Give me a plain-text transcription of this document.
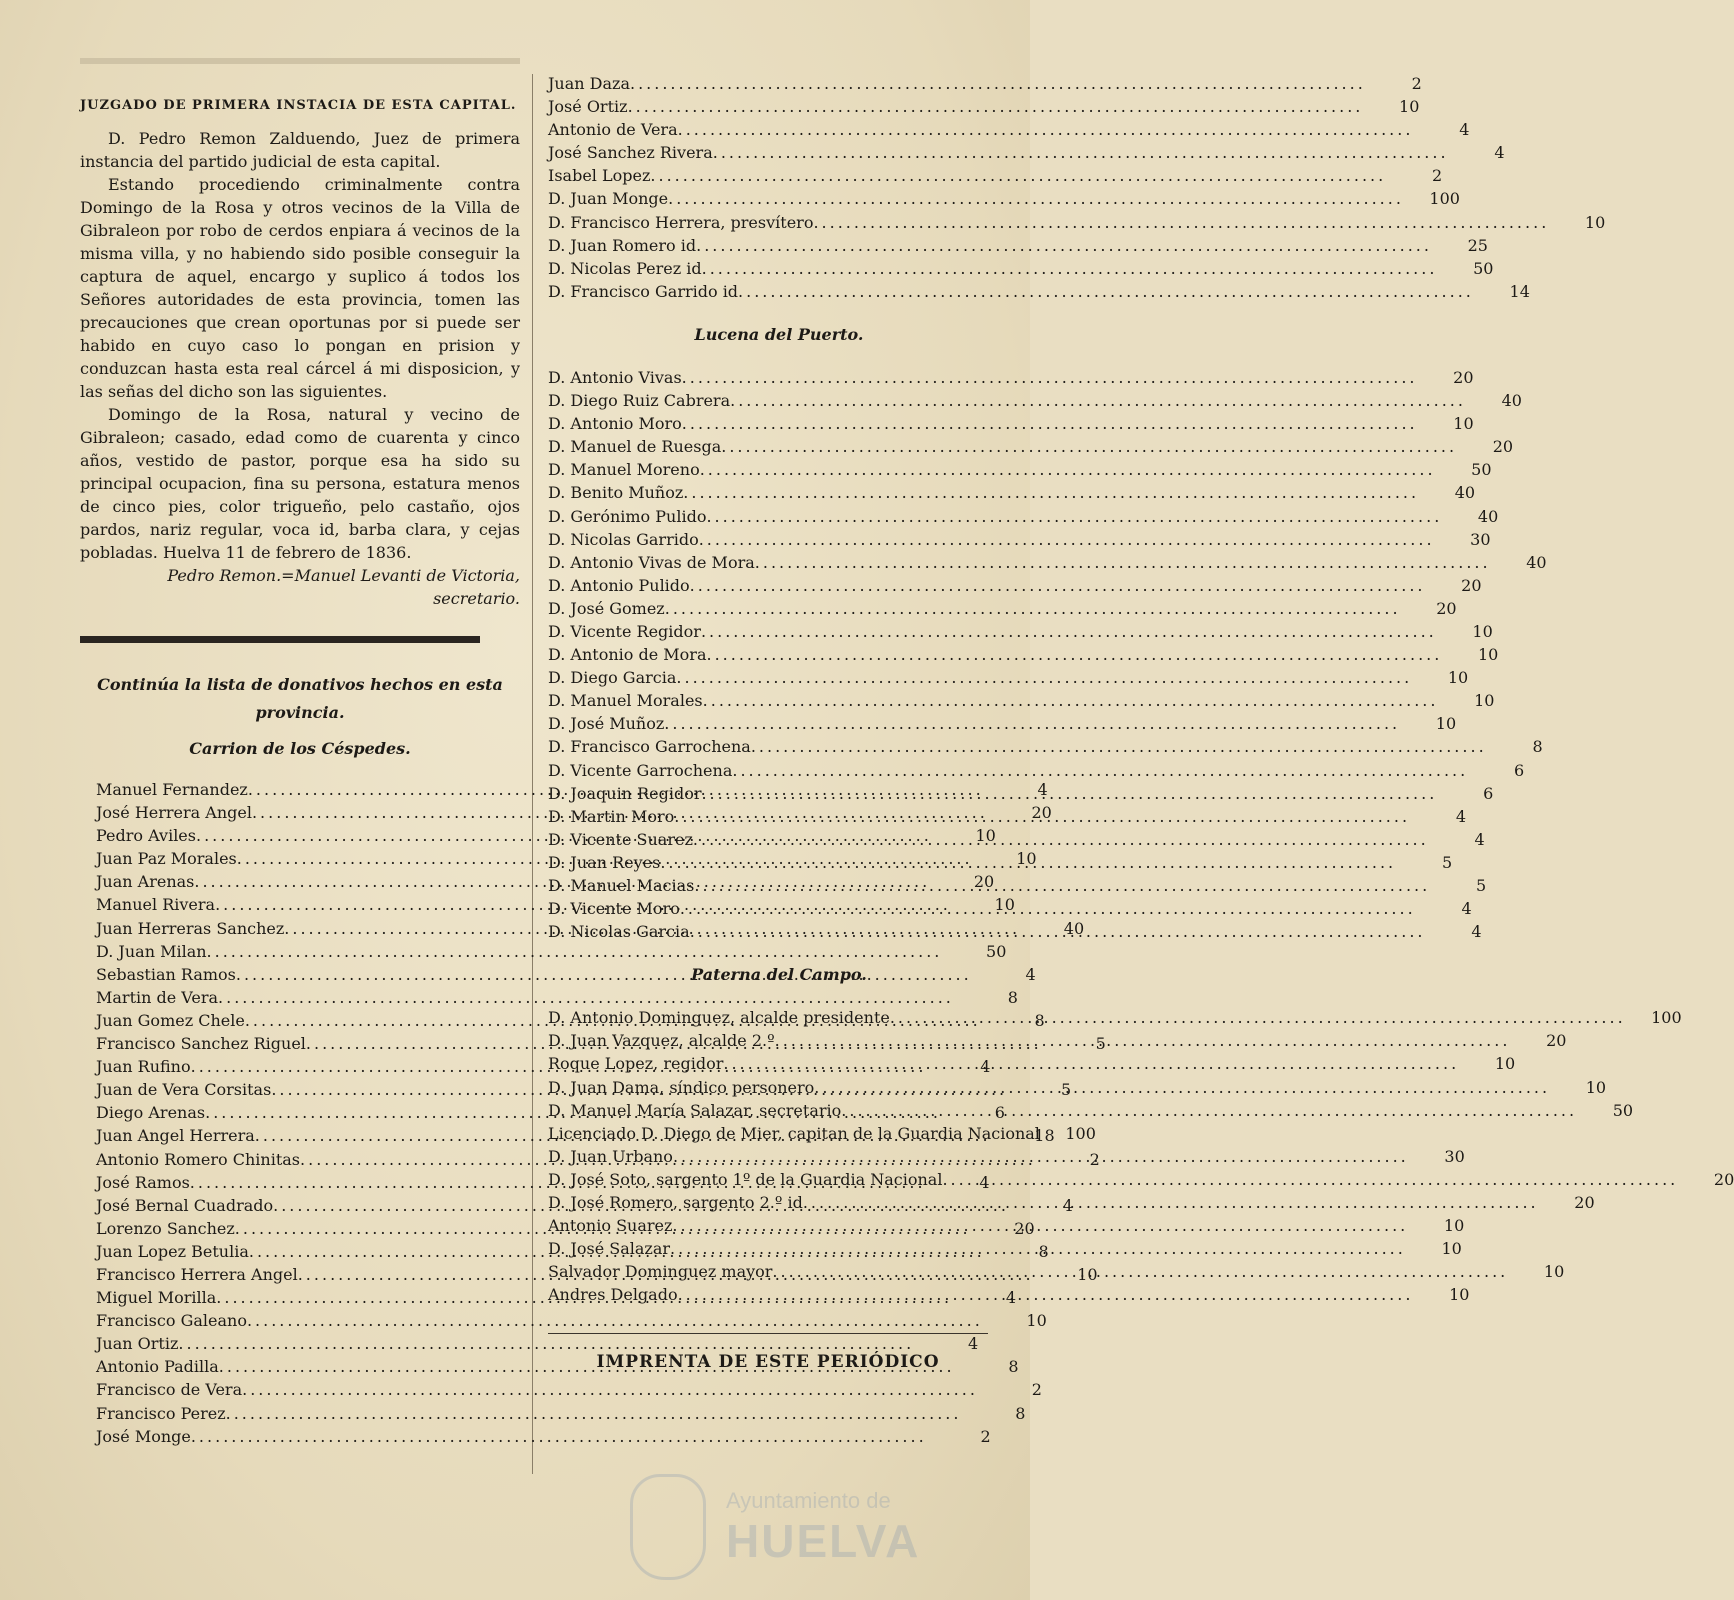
JUZGADO DE PRIMERA INSTACIA DE ESTA CAPITAL.

D. Pedro Remon Zalduendo, Juez de primera instancia del partido judicial de esta capital.

Estando procediendo criminalmente contra Domingo de la Rosa y otros vecinos de la Villa de Gibraleon por robo de cerdos enpiara á vecinos de la misma villa, y no habiendo sido posible conseguir la captura de aquel, encargo y suplico á todos los Señores autoridades de esta provincia, tomen las precauciones que crean oportunas por si puede ser habido en cuyo caso lo pongan en prision y conduzcan hasta esta real cárcel á mi disposicion, y las señas del dicho son las siguientes.

Domingo de la Rosa, natural y vecino de Gibraleon; casado, edad como de cuarenta y cinco años, vestido de pastor, porque esa ha sido su principal ocupacion, fina su persona, estatura menos de cinco pies, color trigueño, pelo castaño, ojos pardos, nariz regular, voca id, barba clara, y cejas pobladas. Huelva 11 de febrero de 1836.

Pedro Remon.=Manuel Levanti de Victoria, secretario.

Continúa la lista de donativos hechos en esta provincia.

Carrion de los Céspedes.

Manuel Fernandez .....	4
José Herrera Angel .....	20
Pedro Aviles .....	10
Juan Paz Morales .....	10
Juan Arenas .....	20
Manuel Rivera .....	10
Juan Herreras Sanchez .....	40
D. Juan Milan .....	50
Sebastian Ramos .....	4
Martin de Vera .....	8
Juan Gomez Chele .....	8
Francisco Sanchez Riguel .....	5
Juan Rufino .....	4
Juan de Vera Corsitas .....	5
Diego Arenas .....	6
Juan Angel Herrera .....	18
Antonio Romero Chinitas .....	2
José Ramos .....	4
José Bernal Cuadrado .....	4
Lorenzo Sanchez .....	20
Juan Lopez Betulia .....	8
Francisco Herrera Angel .....	10
Miguel Morilla .....	4
Francisco Galeano .....	10
Juan Ortiz .....	4
Antonio Padilla .....	8
Francisco de Vera .....	2
Francisco Perez .....	8
José Monge .....	2
Juan Daza .....	2
José Ortiz .....	10
Antonio de Vera .....	4
José Sanchez Rivera .....	4
Isabel Lopez .....	2
D. Juan Monge .....	100
D. Francisco Herrera, presvítero .....	10
D. Juan Romero id .....	25
D. Nicolas Perez id .....	50
D. Francisco Garrido id .....	14

Lucena del Puerto.

D. Antonio Vivas .....	20
D. Diego Ruiz Cabrera .....	40
D. Antonio Moro .....	10
D. Manuel de Ruesga .....	20
D. Manuel Moreno .....	50
D. Benito Muñoz .....	40
D. Gerónimo Pulido .....	40
D. Nicolas Garrido .....	30
D. Antonio Vivas de Mora .....	40
D. Antonio Pulido .....	20
D. José Gomez .....	20
D. Vicente Regidor .....	10
D. Antonio de Mora .....	10
D. Diego Garcia .....	10
D. Manuel Morales .....	10
D. José Muñoz .....	10
D. Francisco Garrochena .....	8
D. Vicente Garrochena .....	6
D. Joaquin Regidor .....	6
D. Martin Moro .....	4
D. Vicente Suarez .....	4
D. Juan Reyes .....	5
D. Manuel Macias .....	5
D. Vicente Moro .....	4
D. Nicolas Garcia .....	4

Paterna del Campo.

D. Antonio Dominguez, alcalde presidente .....	100
D. Juan Vazquez, alcalde 2.º .....	20
Roque Lopez, regidor .....	10
D. Juan Dama, síndico personero .....	10
D. Manuel María Salazar, secretario .....	50
Licenciado D. Diego de Mier, capitan de la Guardia Nacional	100
D. Juan Urbano .....	30
D. José Soto, sargento 1º de la Guardia Nacional .....	20
D. José Romero, sargento 2.º id .....	20
Antonio Suarez .....	10
D. José Salazar .....	10
Salvador Dominguez mayor .....	10
Andres Delgado .....	10
IMPRENTA DE ESTE PERIÓDICO
Ayuntamiento de
HUELVA
